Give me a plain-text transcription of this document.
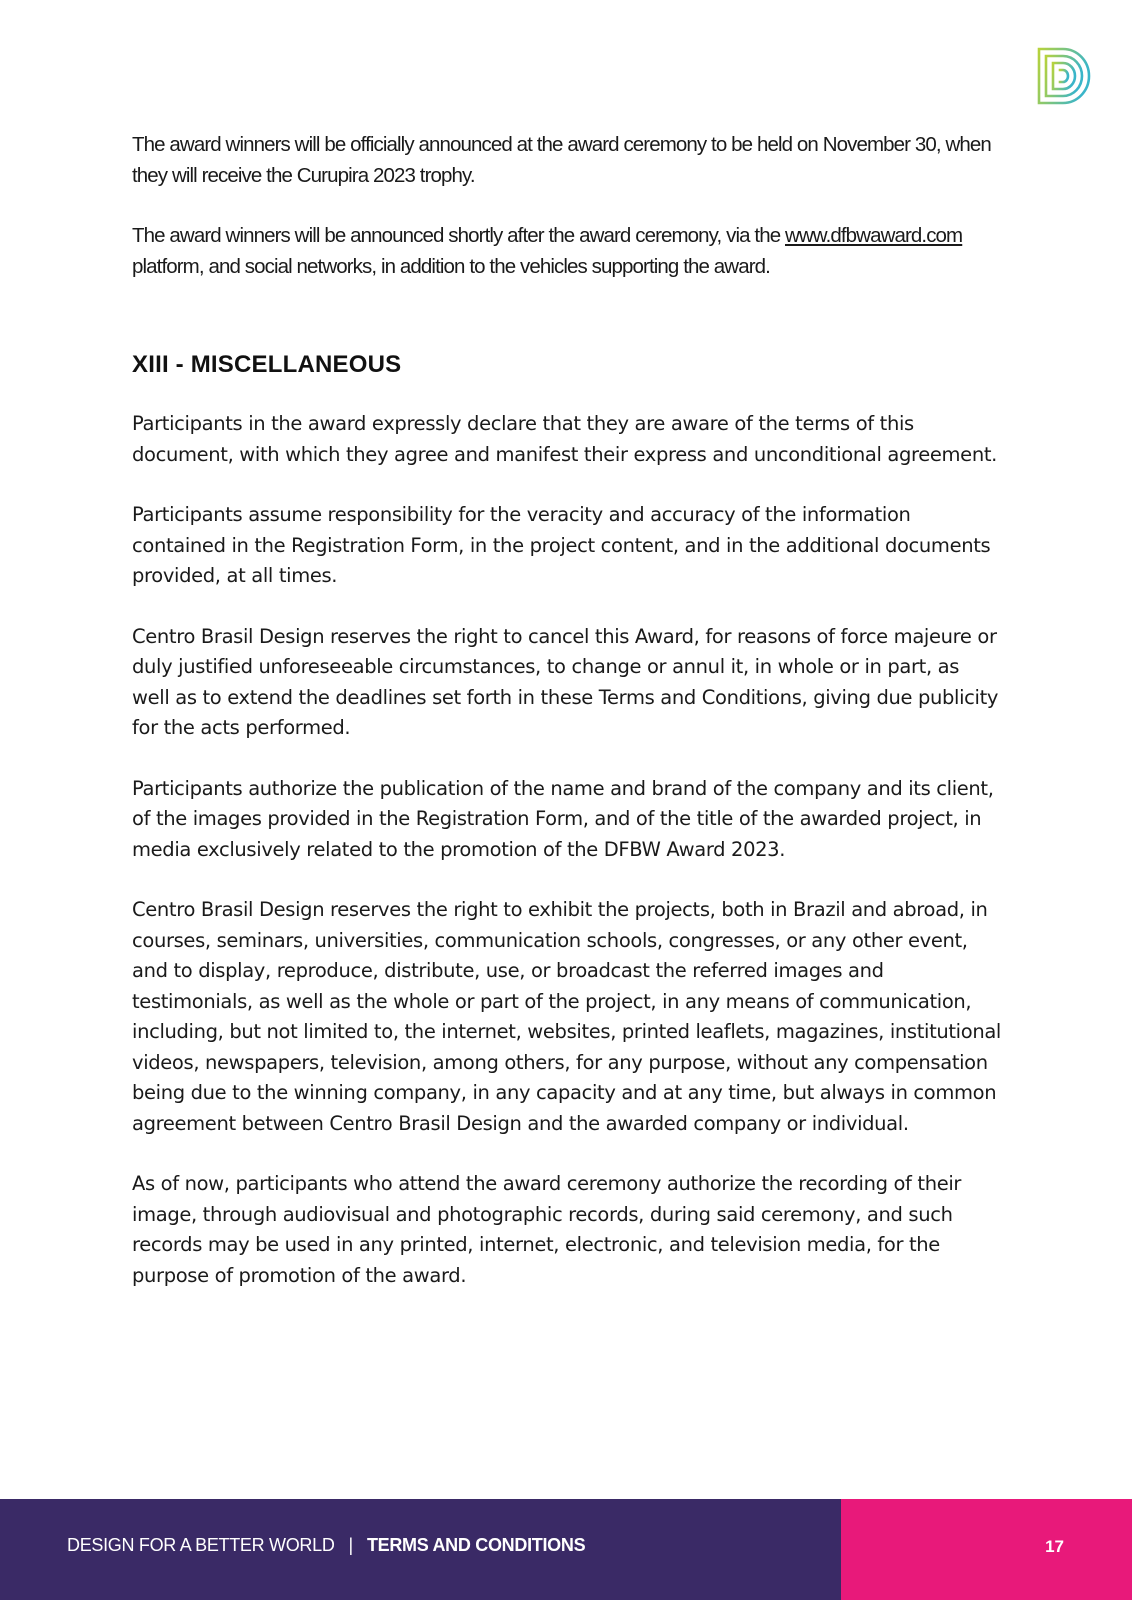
The award winners will be officially announced at the award ceremony to be held on November 30, when they will receive the Curupira 2023 trophy.

The award winners will be announced shortly after the award ceremony, via the www.dfbwaward.com platform, and social networks, in addition to the vehicles supporting the award.

XIII - MISCELLANEOUS

Participants in the award expressly declare that they are aware of the terms of this document, with which they agree and manifest their express and unconditional agreement.

Participants assume responsibility for the veracity and accuracy of the information contained in the Registration Form, in the project content, and in the additional documents provided, at all times.

Centro Brasil Design reserves the right to cancel this Award, for reasons of force majeure or duly justified unforeseeable circumstances, to change or annul it, in whole or in part, as well as to extend the deadlines set forth in these Terms and Conditions, giving due publicity for the acts performed.

Participants authorize the publication of the name and brand of the company and its client, of the images provided in the Registration Form, and of the title of the awarded project, in media exclusively related to the promotion of the DFBW Award 2023.

Centro Brasil Design reserves the right to exhibit the projects, both in Brazil and abroad, in courses, seminars, universities, communication schools, congresses, or any other event, and to display, reproduce, distribute, use, or broadcast the referred images and testimonials, as well as the whole or part of the project, in any means of communication, including, but not limited to, the internet, websites, printed leaflets, magazines, institutional videos, newspapers, television, among others, for any purpose, without any compensation being due to the winning company, in any capacity and at any time, but always in common agreement between Centro Brasil Design and the awarded company or individual.

As of now, participants who attend the award ceremony authorize the recording of their image, through audiovisual and photographic records, during said ceremony, and such records may be used in any printed, internet, electronic, and television media, for the purpose of promotion of the award.

DESIGN FOR A BETTER WORLD | TERMS AND CONDITIONS	17
